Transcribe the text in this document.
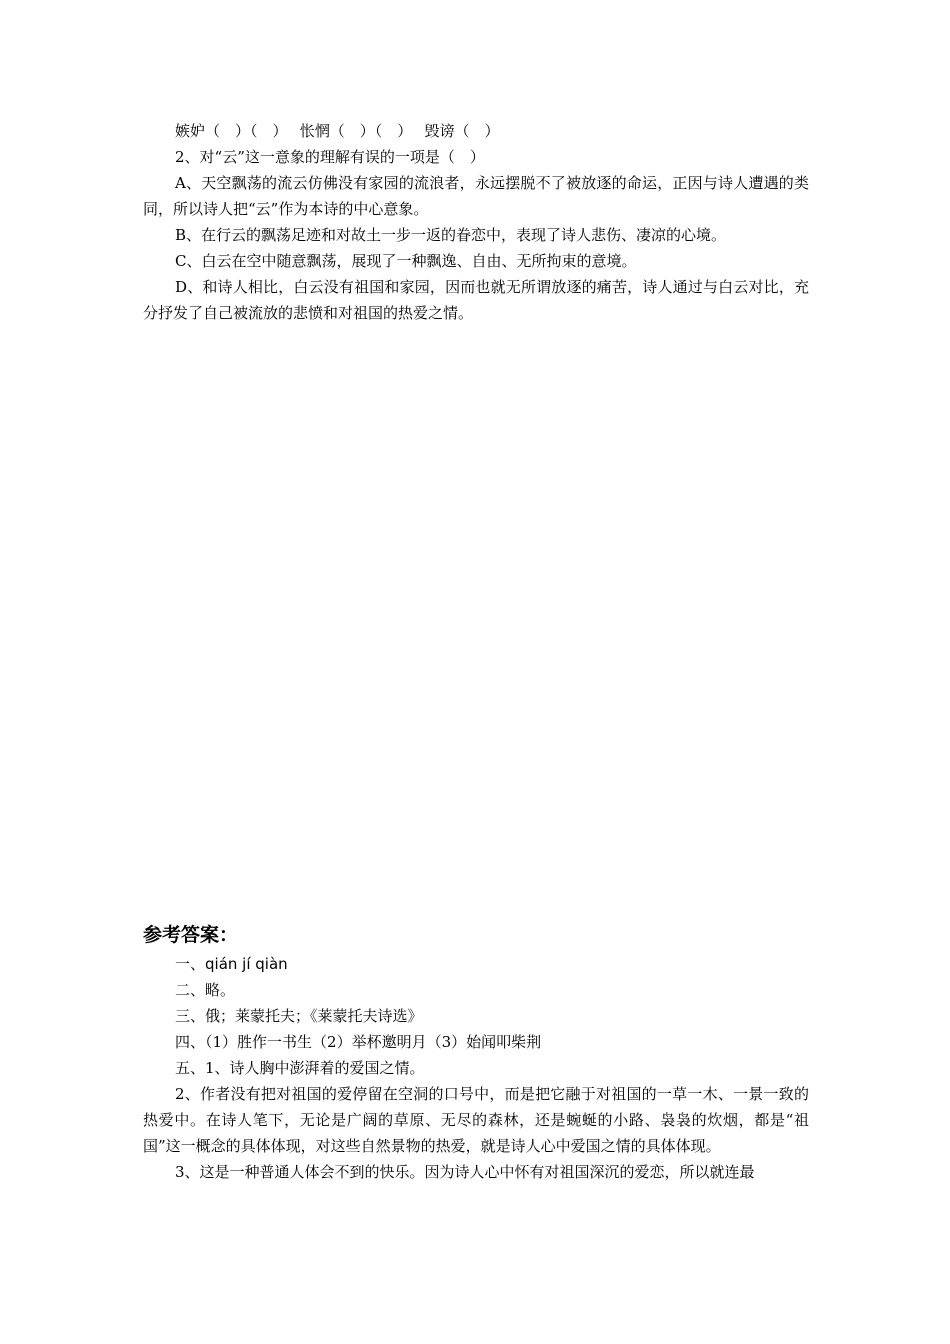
嫉妒（　）（　）　 怅惘（　）（　）　 毁谤（　）

2、对“云”这一意象的理解有误的一项是（　）

A、天空飘荡的流云仿佛没有家园的流浪者，永远摆脱不了被放逐的命运，正因与诗人遭遇的类同，所以诗人把“云”作为本诗的中心意象。

B、在行云的飘荡足迹和对故土一步一返的眷恋中，表现了诗人悲伤、凄凉的心境。

C、白云在空中随意飘荡，展现了一种飘逸、自由、无所拘束的意境。

D、和诗人相比，白云没有祖国和家园，因而也就无所谓放逐的痛苦，诗人通过与白云对比，充分抒发了自己被流放的悲愤和对祖国的热爱之情。

参考答案：

一、qián jí qiàn

二、略。

三、俄；莱蒙托夫；《莱蒙托夫诗选》

四、（1）胜作一书生（2）举杯邀明月（3）始闻叩柴荆

五、1、诗人胸中澎湃着的爱国之情。

2、作者没有把对祖国的爱停留在空洞的口号中，而是把它融于对祖国的一草一木、一景一致的热爱中。在诗人笔下，无论是广阔的草原、无尽的森林，还是蜿蜒的小路、袅袅的炊烟，都是“祖国”这一概念的具体体现，对这些自然景物的热爱，就是诗人心中爱国之情的具体体现。

3、这是一种普通人体会不到的快乐。因为诗人心中怀有对祖国深沉的爱恋，所以就连最
